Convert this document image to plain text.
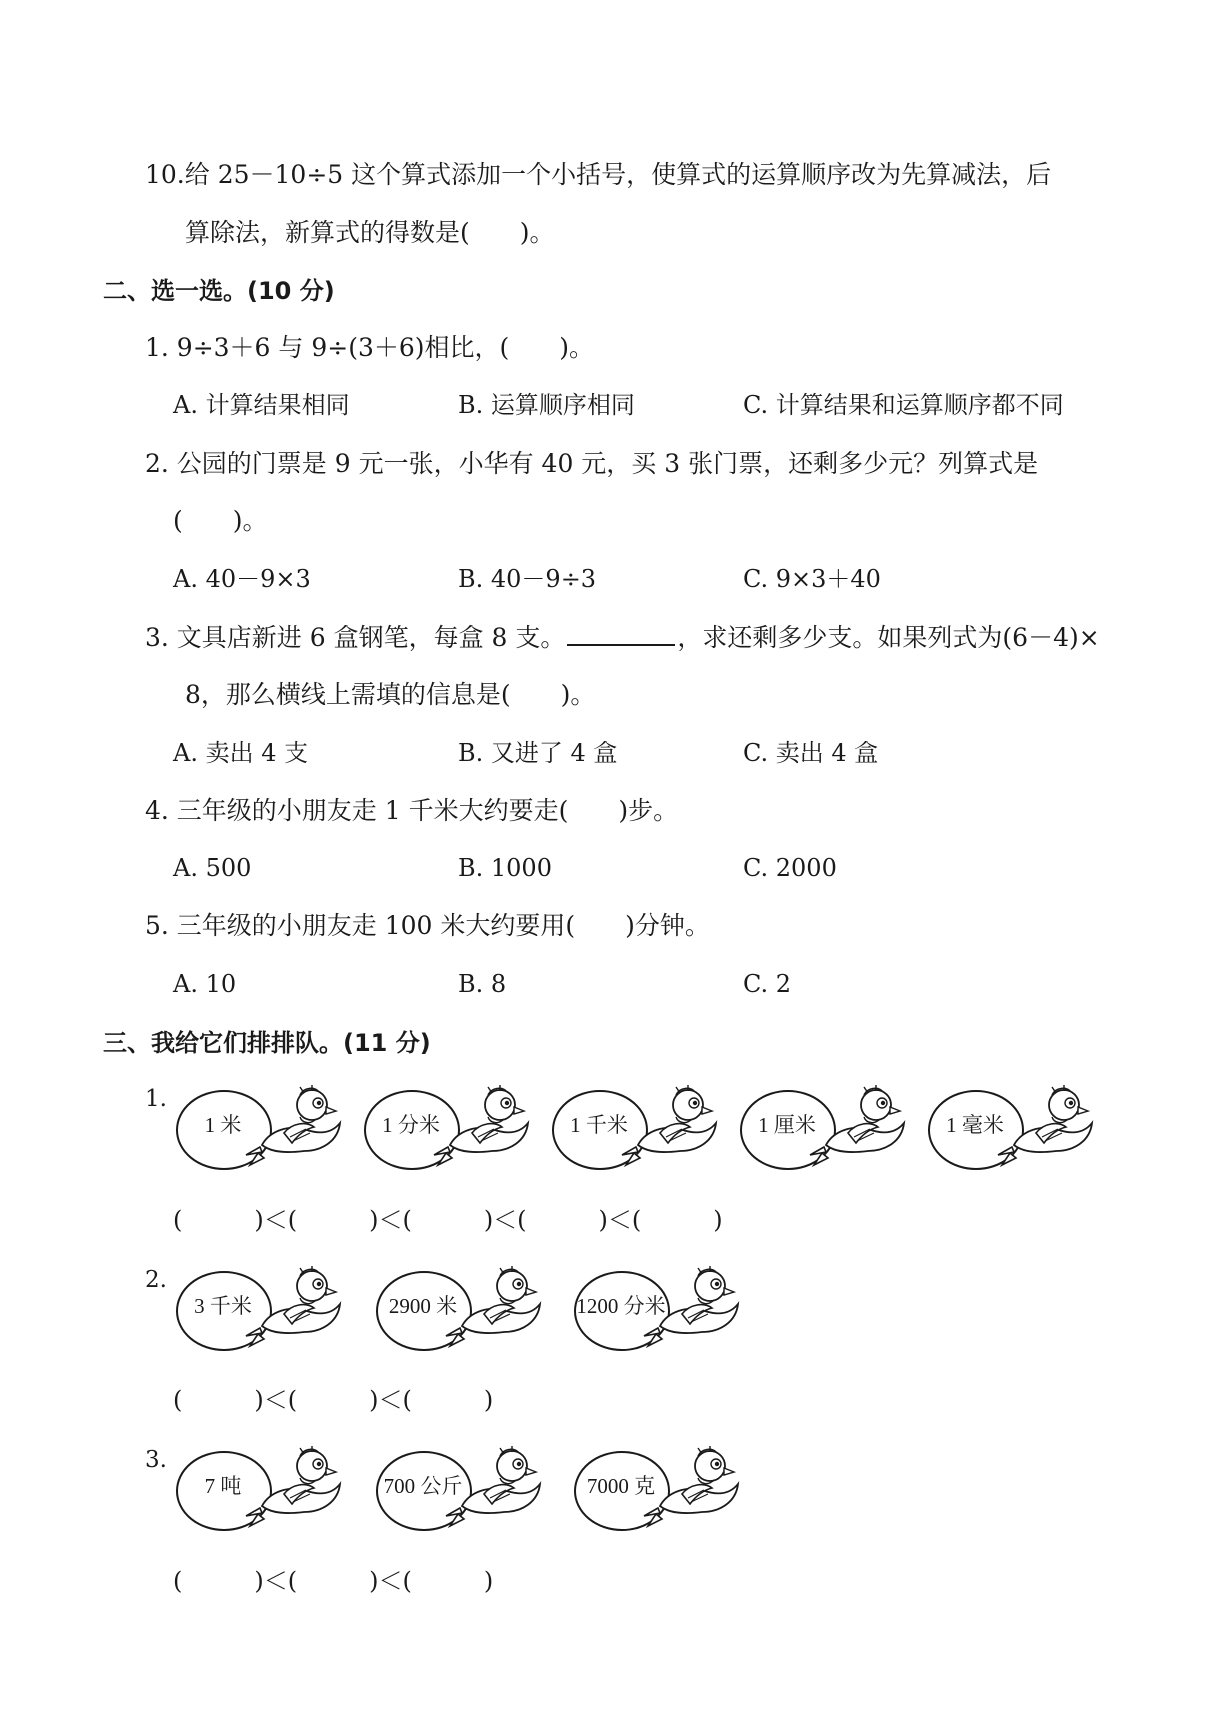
10.给 25－10÷5 这个算式添加一个小括号，使算式的运算顺序改为先算减法，后
算除法，新算式的得数是(　　)。
二、选一选。(10 分)
1. 9÷3＋6 与 9÷(3＋6)相比，(　　)。
A. 计算结果相同	B. 运算顺序相同	C. 计算结果和运算顺序都不同
2. 公园的门票是 9 元一张，小华有 40 元，买 3 张门票，还剩多少元？列算式是
(　　)。
A. 40－9×3	B. 40－9÷3	C. 9×3＋40
3. 文具店新进 6 盒钢笔，每盒 8 支。	，求还剩多少支。如果列式为(6－4)×
8，那么横线上需填的信息是(　　)。
A. 卖出 4 支	B. 又进了 4 盒	C. 卖出 4 盒
4. 三年级的小朋友走 1 千米大约要走(　　)步。
A. 500	B. 1000	C. 2000
5. 三年级的小朋友走 100 米大约要用(　　)分钟。
A. 10	B. 8	C. 2
三、我给它们排排队。(11 分)
1.
1 米	1 分米	1 千米	1 厘米	1 毫米
(　　　)＜(　　　)＜(　　　)＜(　　　)＜(　　　)
2.
3 千米	2900 米	1200 分米
(　　　)＜(　　　)＜(　　　)
3.
7 吨	700 公斤	7000 克
(　　　)＜(　　　)＜(　　　)
